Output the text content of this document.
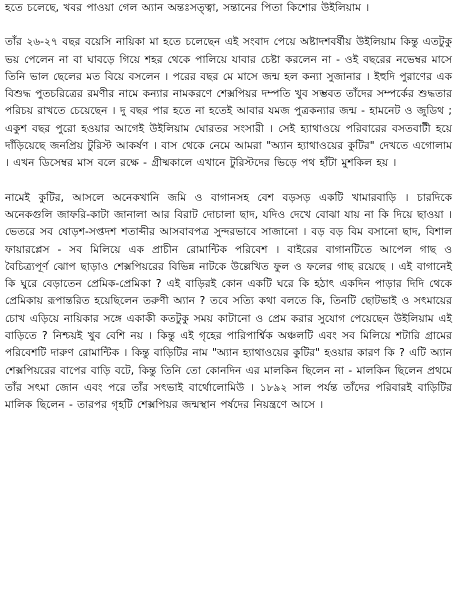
হতে চলেছে, খবর পাওয়া গেল অ্যান অন্তঃসত্ত্বা, সন্তানের পিতা কিশোর উইলিয়াম ।

তাঁর ২৬-২৭ বছর বয়েসি নায়িকা মা হতে চলেছেন এই সংবাদ পেয়ে অষ্টাদশবর্ষীয় উইলিয়াম কিন্তু এতটুকু ভয় পেলেন না বা ঘাবড়ে গিয়ে শহর থেকে পালিয়ে যাবার চেষ্টা করলেন না - ওই বছরের নভেম্বর মাসে তিনি ভাল ছেলের মত বিয়ে বসলেন । পরের বছর মে মাসে জন্ম হল কন্যা সুজানার । ইহুদি পুরাণের এক বিশুদ্ধ পুতচরিত্রের রমণীর নামে কন্যার নামকরণে শেক্সপিয়র দম্পতি খুব সম্ভবত তাঁদের সম্পর্কের শুদ্ধতার পরিচয় রাখতে চেয়েছেন । দু বছর পার হতে না হতেই আবার যমজ পুত্রকন্যার জন্ম - হামনেট ও জুডিথ ; একুশ বছর পুরো হওয়ার আগেই উইলিয়াম ঘোরতর সংসারী । সেই হ্যাথাওয়ে পরিবারের বসতবাটী হয়ে দাঁড়িয়েছে জনপ্রিয় টুরিস্ট আকর্ষণ । বাস থেকে নেমে আমরা "অ্যান হ্যাথাওয়ের কুটির" দেখতে এগোলাম । এখন ডিসেম্বর মাস বলে রক্ষে - গ্রীষ্মকালে এখানে টুরিস্টদের ভিড়ে পথ হাঁটা মুশকিল হয় ।

নামেই কুটির, আসলে অনেকখানি জমি ও বাগানসহ বেশ বড়সড় একটি খামারবাড়ি । চারদিকে অনেকগুলি জাফরি-কাটা জানালা আর বিরাট দোচালা ছাদ, যদিও দেখে বোঝা যায় না কি দিয়ে ছাওয়া । ভেতরে সব ষোড়শ-সপ্তদশ শতাব্দীর আসবাবপত্র সুন্দরভাবে সাজানো । বড় বড় বিম বসানো ছাদ, বিশাল ফায়ারপ্লেস - সব মিলিয়ে এক প্রাচীন রোমান্টিক পরিবেশ । বাইরের বাগানটিতে আপেল গাছ ও বৈচিত্র্যপূর্ণ ঝোপ ছাড়াও শেক্সপিয়রের বিভিন্ন নাটকে উল্লেখিত ফুল ও ফলের গাছ রয়েছে । এই বাগানেই কি ঘুরে বেড়াতেন প্রেমিক-প্রেমিকা ? এই বাড়িরই কোন একটি ঘরে কি হঠাৎ একদিন পাড়ার দিদি থেকে প্রেমিকায় রূপান্তরিত হয়েছিলেন তরুণী অ্যান ? তবে সত্যি কথা বলতে কি, তিনটি ছোটভাই ও সৎমায়ের চোখ এড়িয়ে নায়িকার সঙ্গে একাকী কতটুকু সময় কাটানো ও প্রেম করার সুযোগ পেয়েছেন উইলিয়াম এই বাড়িতে ? নিশ্চয়ই খুব বেশি নয় । কিন্তু এই গৃহের পারিপার্শ্বিক অঞ্চলটি এবং সব মিলিয়ে শটারি গ্রামের পরিবেশটি দারুণ রোমান্টিক । কিন্তু বাড়িটির নাম "অ্যান হ্যাথাওয়ের কুটির" হওয়ার কারণ কি ? এটি অ্যান শেক্সপিয়রের বাপের বাড়ি বটে, কিন্তু তিনি তো কোনদিন এর মালকিন ছিলেন না - মালকিন ছিলেন প্রথমে তাঁর সৎমা জোন এবং পরে তাঁর সৎভাই বার্থোলোমিউ । ১৮৯২ সাল পর্যন্ত তাঁদের পরিবারই বাড়িটির মালিক ছিলেন - তারপর গৃহটি শেক্সপিয়র জন্মস্থান পর্ষদের নিয়ন্ত্রণে আসে ।
